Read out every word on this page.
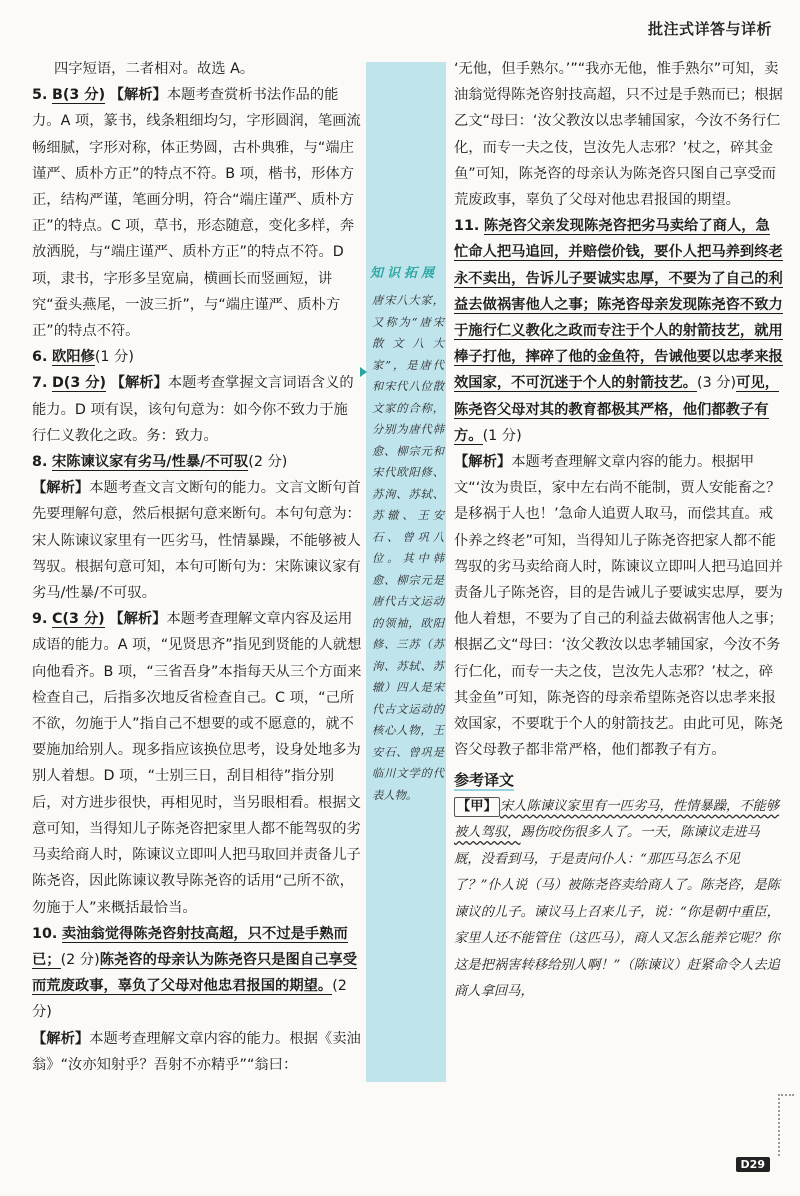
批注式详答与详析

四字短语，二者相对。故选 A。

5. B(3 分) 【解析】本题考查赏析书法作品的能力。A 项，篆书，线条粗细均匀，字形圆润，笔画流畅细腻，字形对称，体正势圆，古朴典雅，与“端庄谨严、质朴方正”的特点不符。B 项，楷书，形体方正，结构严谨，笔画分明，符合“端庄谨严、质朴方正”的特点。C 项，草书，形态随意，变化多样，奔放洒脱，与“端庄谨严、质朴方正”的特点不符。D 项，隶书，字形多呈宽扁，横画长而竖画短，讲究“蚕头燕尾，一波三折”，与“端庄谨严、质朴方正”的特点不符。

6. 欧阳修(1 分)

7. D(3 分) 【解析】本题考查掌握文言词语含义的能力。D 项有误，该句句意为：如今你不致力于施行仁义教化之政。务：致力。

8. 宋陈谏议家有劣马/性暴/不可驭(2 分)
【解析】本题考查文言文断句的能力。文言文断句首先要理解句意，然后根据句意来断句。本句句意为：宋人陈谏议家里有一匹劣马，性情暴躁，不能够被人驾驭。根据句意可知，本句可断句为：宋陈谏议家有劣马/性暴/不可驭。

9. C(3 分) 【解析】本题考查理解文章内容及运用成语的能力。A 项，“见贤思齐”指见到贤能的人就想向他看齐。B 项，“三省吾身”本指每天从三个方面来检查自己，后指多次地反省检查自己。C 项，“己所不欲，勿施于人”指自己不想要的或不愿意的，就不要施加给别人。现多指应该换位思考，设身处地多为别人着想。D 项，“士别三日，刮目相待”指分别后，对方进步很快，再相见时，当另眼相看。根据文意可知，当得知儿子陈尧咨把家里人都不能驾驭的劣马卖给商人时，陈谏议立即叫人把马取回并责备儿子陈尧咨，因此陈谏议教导陈尧咨的话用“己所不欲，勿施于人”来概括最恰当。

10. 卖油翁觉得陈尧咨射技高超，只不过是手熟而已；(2 分)陈尧咨的母亲认为陈尧咨只是图自己享受而荒废政事，辜负了父母对他忠君报国的期望。(2 分)
【解析】本题考查理解文章内容的能力。根据《卖油翁》“汝亦知射乎？吾射不亦精乎”“翁曰：

知识拓展
唐宋八大家，又称为“唐宋散文八大家”，是唐代和宋代八位散文家的合称，分别为唐代韩愈、柳宗元和宋代欧阳修、苏洵、苏轼、苏辙、王安石、曾巩八位。其中韩愈、柳宗元是唐代古文运动的领袖，欧阳修、三苏（苏洵、苏轼、苏辙）四人是宋代古文运动的核心人物，王安石、曾巩是临川文学的代表人物。

‘无他，但手熟尔。’”“我亦无他，惟手熟尔”可知，卖油翁觉得陈尧咨射技高超，只不过是手熟而已；根据乙文“母曰：‘汝父教汝以忠孝辅国家，今汝不务行仁化，而专一夫之伎，岂汝先人志邪？’杖之，碎其金鱼”可知，陈尧咨的母亲认为陈尧咨只图自己享受而荒废政事，辜负了父母对他忠君报国的期望。

11. 陈尧咨父亲发现陈尧咨把劣马卖给了商人，急忙命人把马追回，并赔偿价钱，要仆人把马养到终老永不卖出，告诉儿子要诚实忠厚，不要为了自己的利益去做祸害他人之事；陈尧咨母亲发现陈尧咨不致力于施行仁义教化之政而专注于个人的射箭技艺，就用棒子打他，摔碎了他的金鱼符，告诫他要以忠孝来报效国家，不可沉迷于个人的射箭技艺。(3 分)可见，陈尧咨父母对其的教育都极其严格，他们都教子有方。(1 分)
【解析】本题考查理解文章内容的能力。根据甲文“‘汝为贵臣，家中左右尚不能制，贾人安能畜之？是移祸于人也！’急命人追贾人取马，而偿其直。戒仆养之终老”可知，当得知儿子陈尧咨把家人都不能驾驭的劣马卖给商人时，陈谏议立即叫人把马追回并责备儿子陈尧咨，目的是告诫儿子要诚实忠厚，要为他人着想，不要为了自己的利益去做祸害他人之事；根据乙文“母曰：‘汝父教汝以忠孝辅国家，今汝不务行仁化，而专一夫之伎，岂汝先人志邪？’杖之，碎其金鱼”可知，陈尧咨的母亲希望陈尧咨以忠孝来报效国家，不要耽于个人的射箭技艺。由此可见，陈尧咨父母教子都非常严格，他们都教子有方。

参考译文

【甲】 宋人陈谏议家里有一匹劣马，性情暴躁，不能够被人驾驭，踢伤咬伤很多人了。一天，陈谏议走进马厩，没看到马，于是责问仆人：“那匹马怎么不见了？”仆人说（马）被陈尧咨卖给商人了。陈尧咨，是陈谏议的儿子。谏议马上召来儿子，说：“你是朝中重臣，家里人还不能管住（这匹马），商人又怎么能养它呢？你这是把祸害转移给别人啊！”（陈谏议）赶紧命令人去追商人拿回马，

D29
